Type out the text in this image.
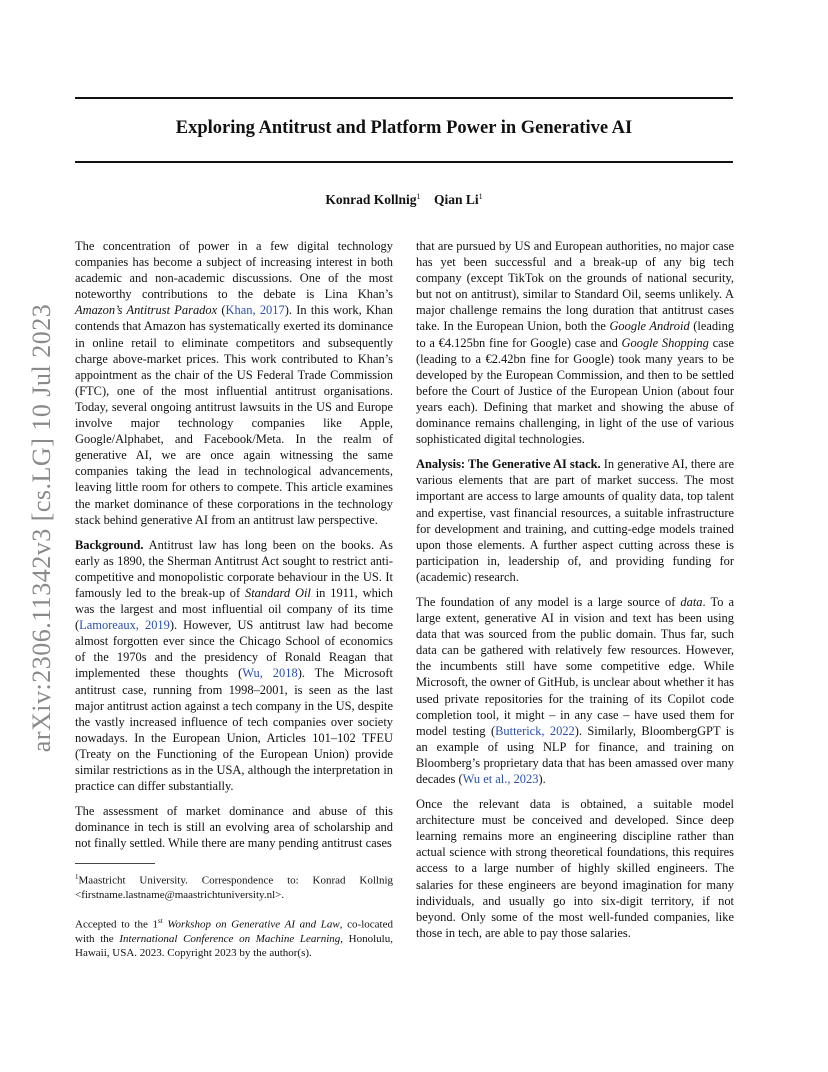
Exploring Antitrust and Platform Power in Generative AI
Konrad Kollnig$^1$ Qian Li$^1$
arXiv:2306.11342v3 [cs.LG] 10 Jul 2023

The concentration of power in a few digital technology companies has become a subject of increasing interest in both academic and non-academic discussions. One of the most noteworthy contributions to the debate is Lina Khan’s Amazon’s Antitrust Paradox (Khan, 2017). In this work, Khan contends that Amazon has systematically exerted its dominance in online retail to eliminate competitors and subsequently charge above-market prices. This work contributed to Khan’s appointment as the chair of the US Federal Trade Commission (FTC), one of the most influential antitrust organisations. Today, several ongoing antitrust lawsuits in the US and Europe involve major technology companies like Apple, Google/Alphabet, and Facebook/Meta. In the realm of generative AI, we are once again witnessing the same companies taking the lead in technological advancements, leaving little room for others to compete. This article examines the market dominance of these corporations in the technology stack behind generative AI from an antitrust law perspective.

Background. Antitrust law has long been on the books. As early as 1890, the Sherman Antitrust Act sought to restrict anti-competitive and monopolistic corporate behaviour in the US. It famously led to the break-up of Standard Oil in 1911, which was the largest and most influential oil company of its time (Lamoreaux, 2019). However, US antitrust law had become almost forgotten ever since the Chicago School of economics of the 1970s and the presidency of Ronald Reagan that implemented these thoughts (Wu, 2018). The Microsoft antitrust case, running from 1998–2001, is seen as the last major antitrust action against a tech company in the US, despite the vastly increased influence of tech companies over society nowadays. In the European Union, Articles 101–102 TFEU (Treaty on the Functioning of the European Union) provide similar restrictions as in the USA, although the interpretation in practice can differ substantially.

The assessment of market dominance and abuse of this dominance in tech is still an evolving area of scholarship and not finally settled. While there are many pending antitrust cases

$^1$Maastricht University. Correspondence to: Konrad Kollnig <firstname.lastname@maastrichtuniversity.nl>.

Accepted to the 1st Workshop on Generative AI and Law, co-located with the International Conference on Machine Learning, Honolulu, Hawaii, USA. 2023. Copyright 2023 by the author(s).

that are pursued by US and European authorities, no major case has yet been successful and a break-up of any big tech company (except TikTok on the grounds of national security, but not on antitrust), similar to Standard Oil, seems unlikely. A major challenge remains the long duration that antitrust cases take. In the European Union, both the Google Android (leading to a €4.125bn fine for Google) case and Google Shopping case (leading to a €2.42bn fine for Google) took many years to be developed by the European Commission, and then to be settled before the Court of Justice of the European Union (about four years each). Defining that market and showing the abuse of dominance remains challenging, in light of the use of various sophisticated digital technologies.

Analysis: The Generative AI stack. In generative AI, there are various elements that are part of market success. The most important are access to large amounts of quality data, top talent and expertise, vast financial resources, a suitable infrastructure for development and training, and cutting-edge models trained upon those elements. A further aspect cutting across these is participation in, leadership of, and providing funding for (academic) research.

The foundation of any model is a large source of data. To a large extent, generative AI in vision and text has been using data that was sourced from the public domain. Thus far, such data can be gathered with relatively few resources. However, the incumbents still have some competitive edge. While Microsoft, the owner of GitHub, is unclear about whether it has used private repositories for the training of its Copilot code completion tool, it might – in any case – have used them for model testing (Butterick, 2022). Similarly, BloombergGPT is an example of using NLP for finance, and training on Bloomberg’s proprietary data that has been amassed over many decades (Wu et al., 2023).

Once the relevant data is obtained, a suitable model architecture must be conceived and developed. Since deep learning remains more an engineering discipline rather than actual science with strong theoretical foundations, this requires access to a large number of highly skilled engineers. The salaries for these engineers are beyond imagination for many individuals, and usually go into six-digit territory, if not beyond. Only some of the most well-funded companies, like those in tech, are able to pay those salaries.
